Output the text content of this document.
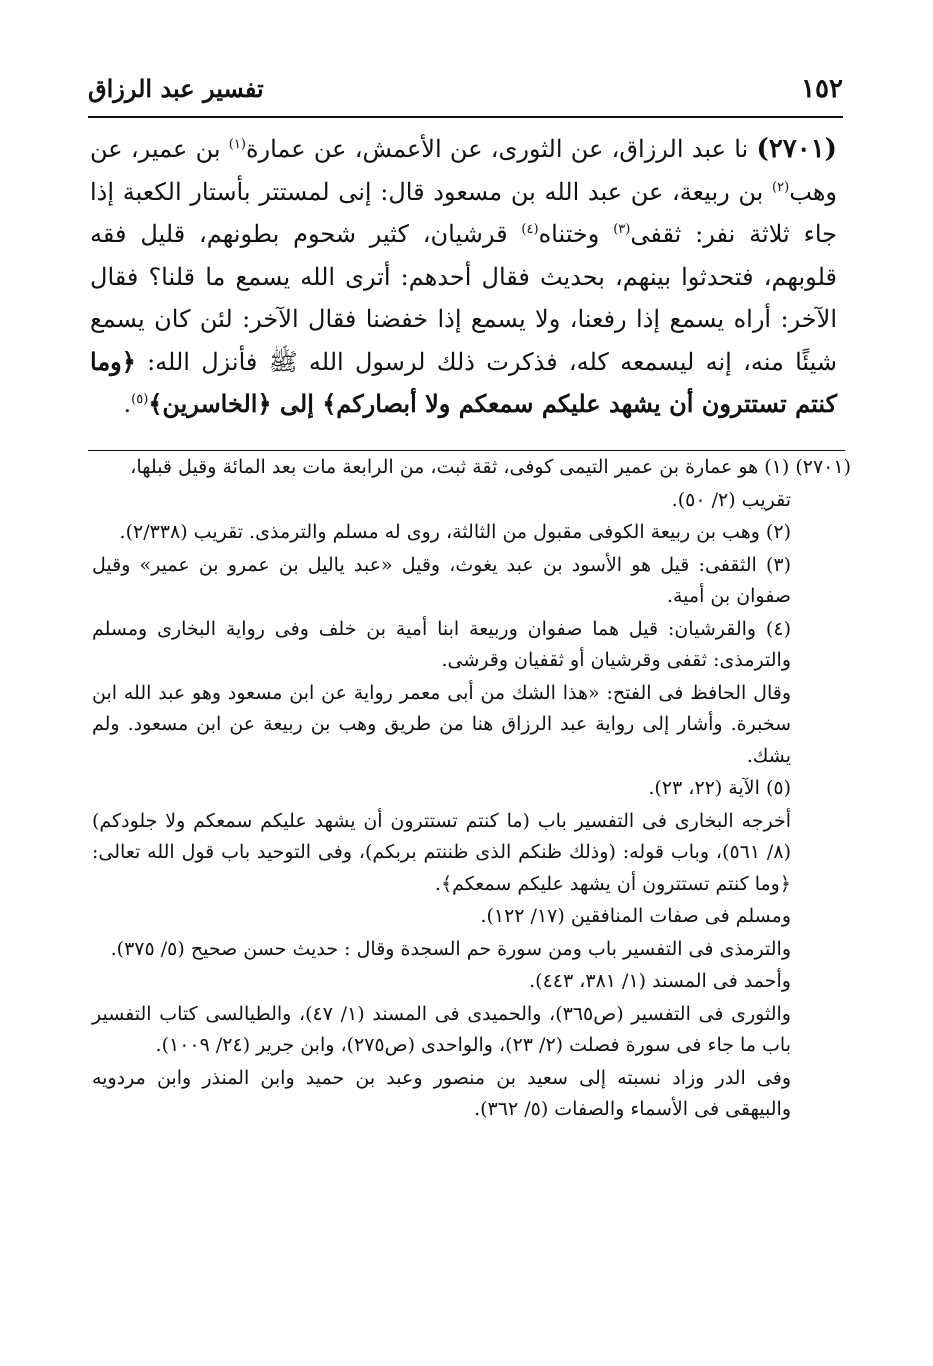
١٥٢
تفسير عبد الرزاق

(٢٧٠١) نا عبد الرزاق، عن الثورى، عن الأعمش، عن عمارة$^{(١)}$ بن عمير، عن وهب$^{(٢)}$ بن ربيعة، عن عبد الله بن مسعود قال: إنى لمستتر بأستار الكعبة إذا جاء ثلاثة نفر: ثقفى$^{(٣)}$ وختناه$^{(٤)}$ قرشيان، كثير شحوم بطونهم، قليل فقه قلوبهم، فتحدثوا بينهم، بحديث فقال أحدهم: أترى الله يسمع ما قلنا؟ فقال الآخر: أراه يسمع إذا رفعنا، ولا يسمع إذا خفضنا فقال الآخر: لئن كان يسمع شيئًا منه، إنه ليسمعه كله، فذكرت ذلك لرسول الله ﷺ فأنزل الله: ﴿وما كنتم تستترون أن يشهد عليكم سمعكم ولا أبصاركم﴾ إلى ﴿الخاسرين﴾$^{(٥)}$.

(٢٧٠١) (١) هو عمارة بن عمير التيمى كوفى، ثقة ثبت، من الرابعة مات بعد المائة وقيل قبلها،

تقريب (٢/ ٥٠).

(٢) وهب بن ربيعة الكوفى مقبول من الثالثة، روى له مسلم والترمذى. تقريب (٢/٣٣٨).

(٣) الثقفى: قيل هو الأسود بن عبد يغوث، وقيل «عبد ياليل بن عمرو بن عمير» وقيل صفوان بن أمية.

(٤) والقرشيان: قيل هما صفوان وربيعة ابنا أمية بن خلف وفى رواية البخارى ومسلم والترمذى: ثقفى وقرشيان أو ثقفيان وقرشى.

وقال الحافظ فى الفتح: «هذا الشك من أبى معمر رواية عن ابن مسعود وهو عبد الله ابن سخبرة. وأشار إلى رواية عبد الرزاق هنا من طريق وهب بن ربيعة عن ابن مسعود. ولم يشك.

(٥) الآية (٢٢، ٢٣).

أخرجه البخارى فى التفسير باب (ما كنتم تستترون أن يشهد عليكم سمعكم ولا جلودكم) (٨/ ٥٦١)، وباب قوله: (وذلك ظنكم الذى ظننتم بربكم)، وفى التوحيد باب قول الله تعالى: ﴿وما كنتم تستترون أن يشهد عليكم سمعكم﴾.

ومسلم فى صفات المنافقين (١٧/ ١٢٢).

والترمذى فى التفسير باب ومن سورة حم السجدة وقال : حديث حسن صحيح (٥/ ٣٧٥).

وأحمد فى المسند (١/ ٣٨١، ٤٤٣).

والثورى فى التفسير (ص٣٦٥)، والحميدى فى المسند (١/ ٤٧)، والطيالسى كتاب التفسير باب ما جاء فى سورة فصلت (٢/ ٢٣)، والواحدى (ص٢٧٥)، وابن جرير (٢٤/ ١٠٠٩).

وفى الدر وزاد نسبته إلى سعيد بن منصور وعبد بن حميد وابن المنذر وابن مردويه والبيهقى فى الأسماء والصفات (٥/ ٣٦٢).
